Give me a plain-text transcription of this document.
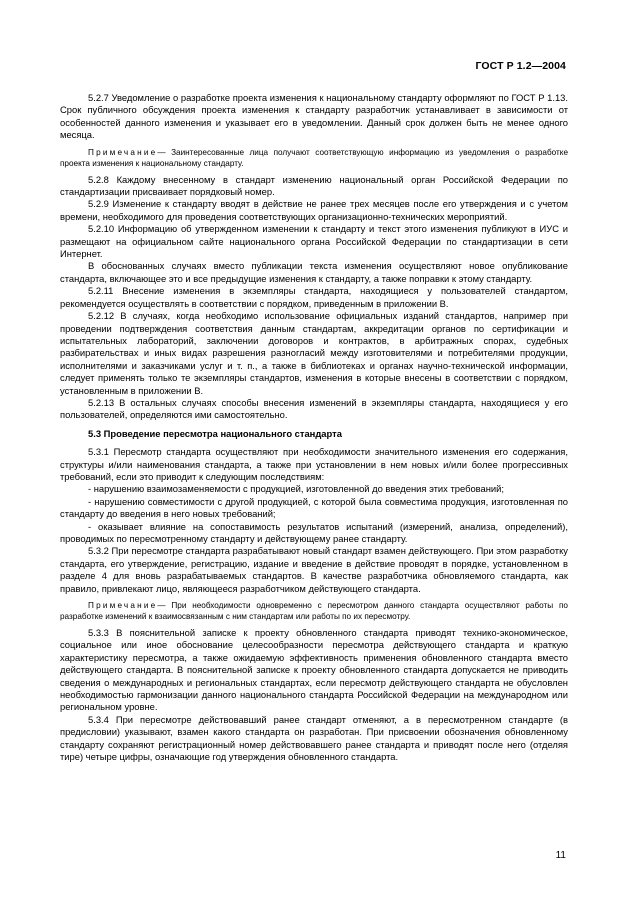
ГОСТ Р 1.2—2004

5.2.7 Уведомление о разработке проекта изменения к национальному стандарту оформляют по ГОСТ Р 1.13. Срок публичного обсуждения проекта изменения к стандарту разработчик устанавливает в зависимости от особенностей данного изменения и указывает его в уведомлении. Данный срок должен быть не менее одного месяца.

Примечание— Заинтересованные лица получают соответствующую информацию из уведомления о разработке проекта изменения к национальному стандарту.

5.2.8 Каждому внесенному в стандарт изменению национальный орган Российской Федерации по стандартизации присваивает порядковый номер.

5.2.9 Изменение к стандарту вводят в действие не ранее трех месяцев после его утверждения и с учетом времени, необходимого для проведения соответствующих организационно-технических мероприятий.

5.2.10 Информацию об утвержденном изменении к стандарту и текст этого изменения публикуют в ИУС и размещают на официальном сайте национального органа Российской Федерации по стандартизации в сети Интернет.

В обоснованных случаях вместо публикации текста изменения осуществляют новое опубликование стандарта, включающее это и все предыдущие изменения к стандарту, а также поправки к этому стандарту.

5.2.11 Внесение изменения в экземпляры стандарта, находящиеся у пользователей стандартом, рекомендуется осуществлять в соответствии с порядком, приведенным в приложении В.

5.2.12 В случаях, когда необходимо использование официальных изданий стандартов, например при проведении подтверждения соответствия данным стандартам, аккредитации органов по сертификации и испытательных лабораторий, заключении договоров и контрактов, в арбитражных спорах, судебных разбирательствах и иных видах разрешения разногласий между изготовителями и потребителями продукции, исполнителями и заказчиками услуг и т. п., а также в библиотеках и органах научно-технической информации, следует применять только те экземпляры стандартов, изменения в которые внесены в соответствии с порядком, установленным в приложении В.

5.2.13 В остальных случаях способы внесения изменений в экземпляры стандарта, находящиеся у его пользователей, определяются ими самостоятельно.

5.3 Проведение пересмотра национального стандарта

5.3.1 Пересмотр стандарта осуществляют при необходимости значительного изменения его содержания, структуры и/или наименования стандарта, а также при установлении в нем новых и/или более прогрессивных требований, если это приводит к следующим последствиям:

- нарушению взаимозаменяемости с продукцией, изготовленной до введения этих требований;

- нарушению совместимости с другой продукцией, с которой была совместима продукция, изготовленная по стандарту до введения в него новых требований;

- оказывает влияние на сопоставимость результатов испытаний (измерений, анализа, определений), проводимых по пересмотренному стандарту и действующему ранее стандарту.

5.3.2 При пересмотре стандарта разрабатывают новый стандарт взамен действующего. При этом разработку стандарта, его утверждение, регистрацию, издание и введение в действие проводят в порядке, установленном в разделе 4 для вновь разрабатываемых стандартов. В качестве разработчика обновляемого стандарта, как правило, привлекают лицо, являющееся разработчиком действующего стандарта.

Примечание— При необходимости одновременно с пересмотром данного стандарта осуществляют работы по разработке изменений к взаимосвязанным с ним стандартам или работы по их пересмотру.

5.3.3 В пояснительной записке к проекту обновленного стандарта приводят технико-экономическое, социальное или иное обоснование целесообразности пересмотра действующего стандарта и краткую характеристику пересмотра, а также ожидаемую эффективность применения обновленного стандарта вместо действующего стандарта. В пояснительной записке к проекту обновленного стандарта допускается не приводить сведения о международных и региональных стандартах, если пересмотр действующего стандарта не обусловлен необходимостью гармонизации данного национального стандарта Российской Федерации на международном или региональном уровне.

5.3.4 При пересмотре действовавший ранее стандарт отменяют, а в пересмотренном стандарте (в предисловии) указывают, взамен какого стандарта он разработан. При присвоении обозначения обновленному стандарту сохраняют регистрационный номер действовавшего ранее стандарта и приводят после него (отделяя тире) четыре цифры, означающие год утверждения обновленного стандарта.

11
